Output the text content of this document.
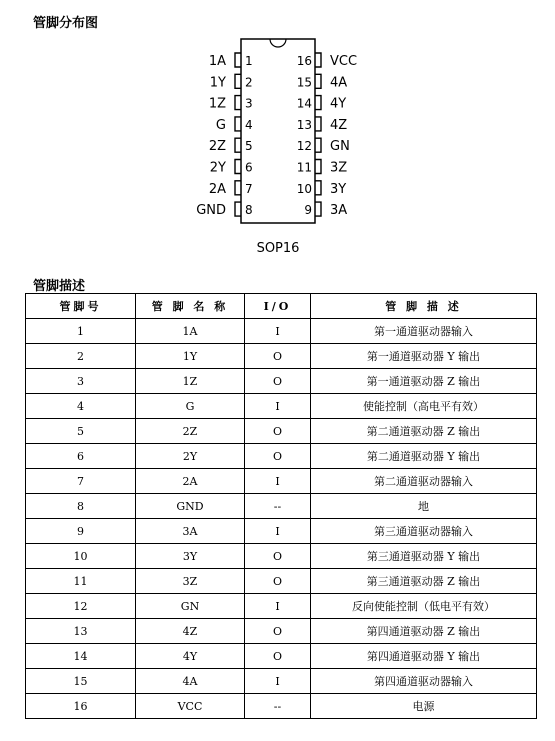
管脚分布图
1A 1
1Y 2
1Z 3
G 4
2Z 5
2Y 6
2A 7
GND 8
VCC
16
4A
15
4Y
14
4Z
13
GN
12
3Z
11
3Y
10
3A
9
SOP16
管脚描述
管脚号	管 脚 名 称	I/O	管 脚 描 述
1	1A	I	第一通道驱动器输入
2	1Y	O	第一通道驱动器 Y 输出
3	1Z	O	第一通道驱动器 Z 输出
4	G	I	使能控制（高电平有效）
5	2Z	O	第二通道驱动器 Z 输出
6	2Y	O	第二通道驱动器 Y 输出
7	2A	I	第二通道驱动器输入
8	GND	--	地
9	3A	I	第三通道驱动器输入
10	3Y	O	第三通道驱动器 Y 输出
11	3Z	O	第三通道驱动器 Z 输出
12	GN	I	反向使能控制（低电平有效）
13	4Z	O	第四通道驱动器 Z 输出
14	4Y	O	第四通道驱动器 Y 输出
15	4A	I	第四通道驱动器输入
16	VCC	--	电源
